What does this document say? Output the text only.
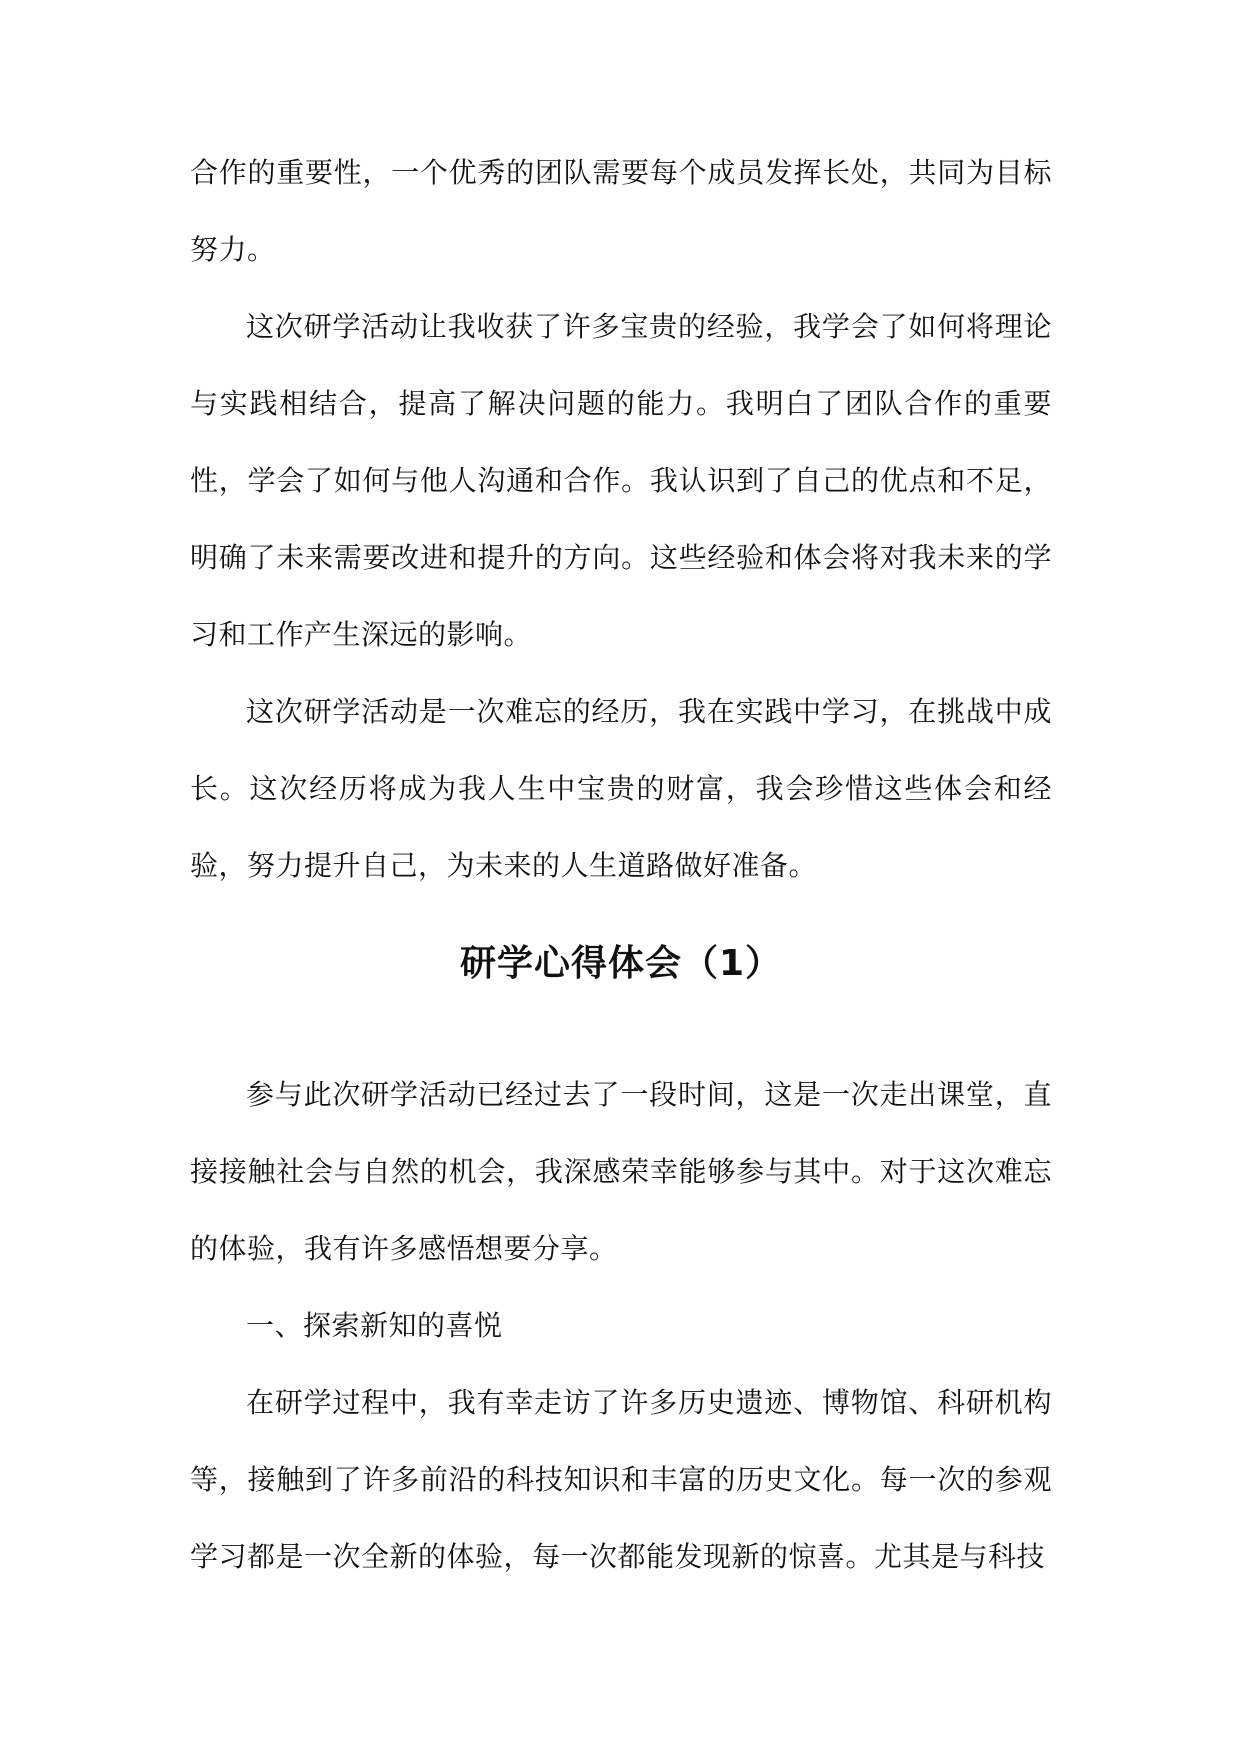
合作的重要性，一个优秀的团队需要每个成员发挥长处，共同为目标努力。

这次研学活动让我收获了许多宝贵的经验，我学会了如何将理论与实践相结合，提高了解决问题的能力。我明白了团队合作的重要性，学会了如何与他人沟通和合作。我认识到了自己的优点和不足，明确了未来需要改进和提升的方向。这些经验和体会将对我未来的学习和工作产生深远的影响。

这次研学活动是一次难忘的经历，我在实践中学习，在挑战中成长。这次经历将成为我人生中宝贵的财富，我会珍惜这些体会和经验，努力提升自己，为未来的人生道路做好准备。

研学心得体会（1）

参与此次研学活动已经过去了一段时间，这是一次走出课堂，直接接触社会与自然的机会，我深感荣幸能够参与其中。对于这次难忘的体验，我有许多感悟想要分享。

一、探索新知的喜悦

在研学过程中，我有幸走访了许多历史遗迹、博物馆、科研机构等，接触到了许多前沿的科技知识和丰富的历史文化。每一次的参观学习都是一次全新的体验，每一次都能发现新的惊喜。尤其是与科技
